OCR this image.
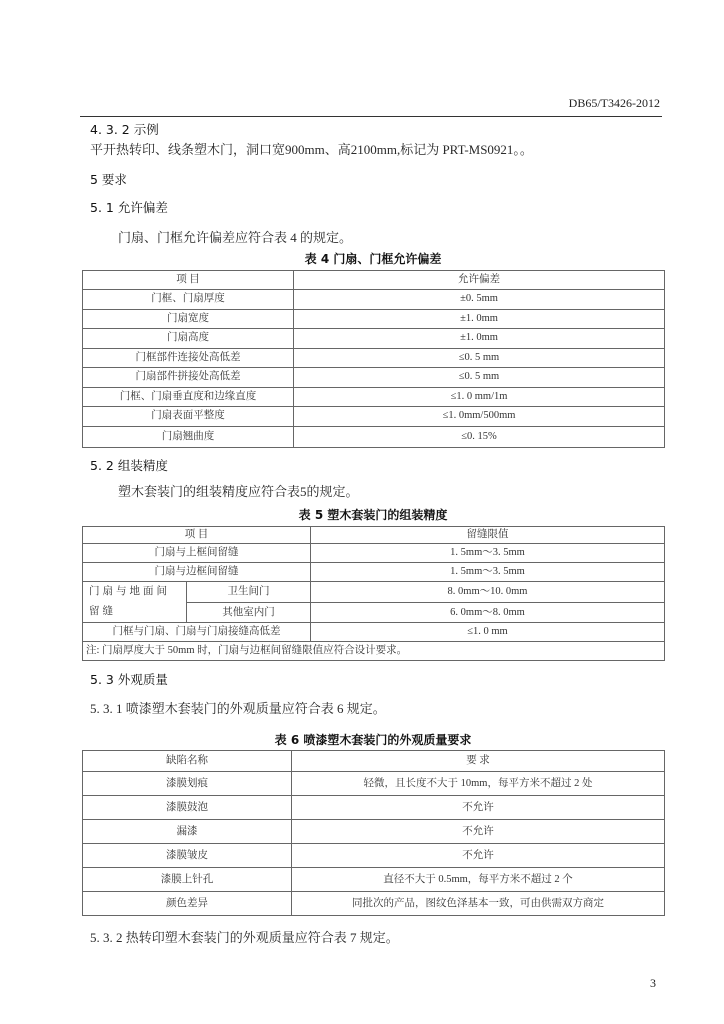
DB65/T3426-2012
4. 3. 2 示例
平开热转印、线条塑木门，洞口宽900mm、高2100mm,标记为 PRT-MS0921。。
5 要求
5. 1 允许偏差
门扇、门框允许偏差应符合表 4 的规定。
表 4 门扇、门框允许偏差
项 目	允许偏差
门框、门扇厚度	±0. 5mm
门扇宽度	±1. 0mm
门扇高度	±1. 0mm
门框部件连接处高低差	≤0. 5 mm
门扇部件拼接处高低差	≤0. 5 mm
门框、门扇垂直度和边缘直度	≤1. 0 mm/1m
门扇表面平整度	≤1. 0mm/500mm
门扇翘曲度	≤0. 15%
5. 2 组装精度
塑木套装门的组装精度应符合表5的规定。
表 5 塑木套装门的组装精度
项 目		留缝限值
门扇与上框间留缝		1. 5mm～3. 5mm
门扇与边框间留缝		1. 5mm～3. 5mm
门扇与地面间留缝	卫生间门	8. 0mm～10. 0mm
	其他室内门	6. 0mm～8. 0mm
门框与门扇、门扇与门扇接缝高低差		≤1. 0 mm
注: 门扇厚度大于 50mm 时，门扇与边框间留缝限值应符合设计要求。		
5. 3 外观质量
5. 3. 1 喷漆塑木套装门的外观质量应符合表 6 规定。
表 6 喷漆塑木套装门的外观质量要求
缺陷名称	要 求
漆膜划痕	轻微，且长度不大于 10mm，每平方米不超过 2 处
漆膜鼓泡	不允许
漏漆	不允许
漆膜皱皮	不允许
漆膜上针孔	直径不大于 0.5mm，每平方米不超过 2 个
颜色差异	同批次的产品，图纹色泽基本一致，可由供需双方商定
5. 3. 2 热转印塑木套装门的外观质量应符合表 7 规定。
3
